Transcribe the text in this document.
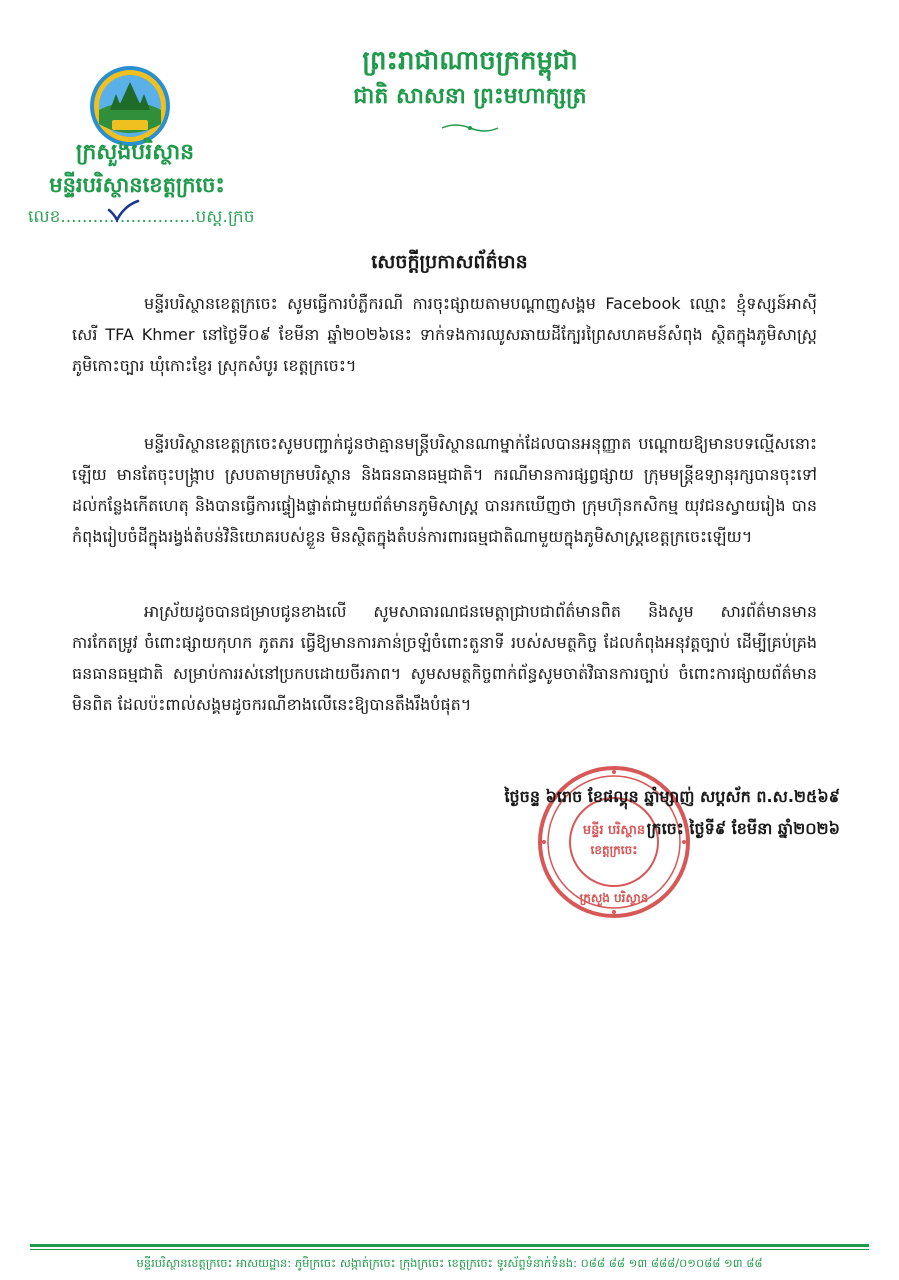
ព្រះរាជាណាចក្រកម្ពុជា
ជាតិ សាសនា ព្រះមហាក្សត្រ
ក្រសួងបរិស្ថាន
មន្ទីរបរិស្ថានខេត្តក្រចេះ
លេខ.........................បស្ត.ក្រច
សេចក្ដីប្រកាសព័ត៌មាន
មន្ទីរបរិស្ថានខេត្តក្រចេះ សូមធ្វើការបំភ្លឺករណី ការចុះផ្សាយតាមបណ្ដាញសង្គម Facebook ឈ្មោះ ខ្មុំទស្សន៍អាស៊ីសេរី TFA Khmer នៅថ្ងៃទី០៩ ខែមីនា ឆ្នាំ២០២៦នេះ ទាក់ទងការឈូសឆាយដីក្បែរព្រៃសហគមន៍សំពុង ស្ថិតក្នុងភូមិសាស្ត្រភូមិកោះច្បារ ឃុំកោះខ្ញែរ ស្រុកសំបូរ ខេត្តក្រចេះ។
មន្ទីរបរិស្ថានខេត្តក្រចេះសូមបញ្ជាក់ជូនថាគ្មានមន្ត្រីបរិស្ថានណាម្នាក់ដែលបានអនុញ្ញាត បណ្ដោយឱ្យមានបទល្មើសនោះឡើយ មានតែចុះបង្ក្រាប ស្របតាមក្រមបរិស្ថាន និងធនធានធម្មជាតិ។ ករណីមានការផ្សព្វផ្សាយ ក្រុមមន្ត្រីឧទ្យានុរក្សបានចុះទៅដល់កន្លែងកើតហេតុ និងបានធ្វើការផ្ទៀងផ្ទាត់ជាមួយព័ត៌មានភូមិសាស្ត្រ បានរកឃើញថា ក្រុមហ៊ុនកសិកម្ម យុវជនស្វាយរៀង បានកំពុងរៀបចំដីក្នុងរង្វង់តំបន់វិនិយោគរបស់ខ្លួន មិនស្ថិតក្នុងតំបន់ការពារធម្មជាតិណាមួយក្នុងភូមិសាស្ត្រខេត្តក្រចេះឡើយ។
អាស្រ័យដូចបានជម្រាបជូនខាងលើ សូមសាធារណជនមេត្តាជ្រាបជាព័ត៌មានពិត និងសូម សារព័ត៌មានមានការកែតម្រូវ ចំពោះផ្សាយកុហក ភូតភរ ធ្វើឱ្យមានការភាន់ច្រឡំចំពោះតួនាទី របស់សមត្ថកិច្ច ដែលកំពុងអនុវត្តច្បាប់ ដើម្បីគ្រប់គ្រងធនធានធម្មជាតិ សម្រាប់ការរស់នៅប្រកបដោយចីរភាព។ សូមសមត្ថកិច្ចពាក់ព័ន្ធសូមចាត់វិធានការច្បាប់ ចំពោះការផ្សាយព័ត៌មានមិនពិត ដែលប៉ះពាល់សង្គមដូចករណីខាងលើនេះឱ្យបានតឹងរឹងបំផុត។
មន្ទីរ បរិស្ថាន
ខេត្តក្រចេះ
ក្រសួង បរិស្ថាន
ថ្ងៃចន្ទ ៦រោច ខែផល្គុន ឆ្នាំម្សាញ់ សប្តស័ក ព.ស.២៥៦៩
ក្រចេះ ថ្ងៃទី៩ ខែមីនា ឆ្នាំ២០២៦
មន្ទីរបរិស្ថានខេត្តក្រចេះ អាសយដ្ឋាន: ភូមិក្រចេះ សង្កាត់ក្រចេះ ក្រុងក្រចេះ ខេត្តក្រចេះ ទូរស័ព្ទទំនាក់ទំនង: ០៨៨ ៨៨ ១៣ ៨៨៨/០១០៨៨ ១៣ ៨៨
